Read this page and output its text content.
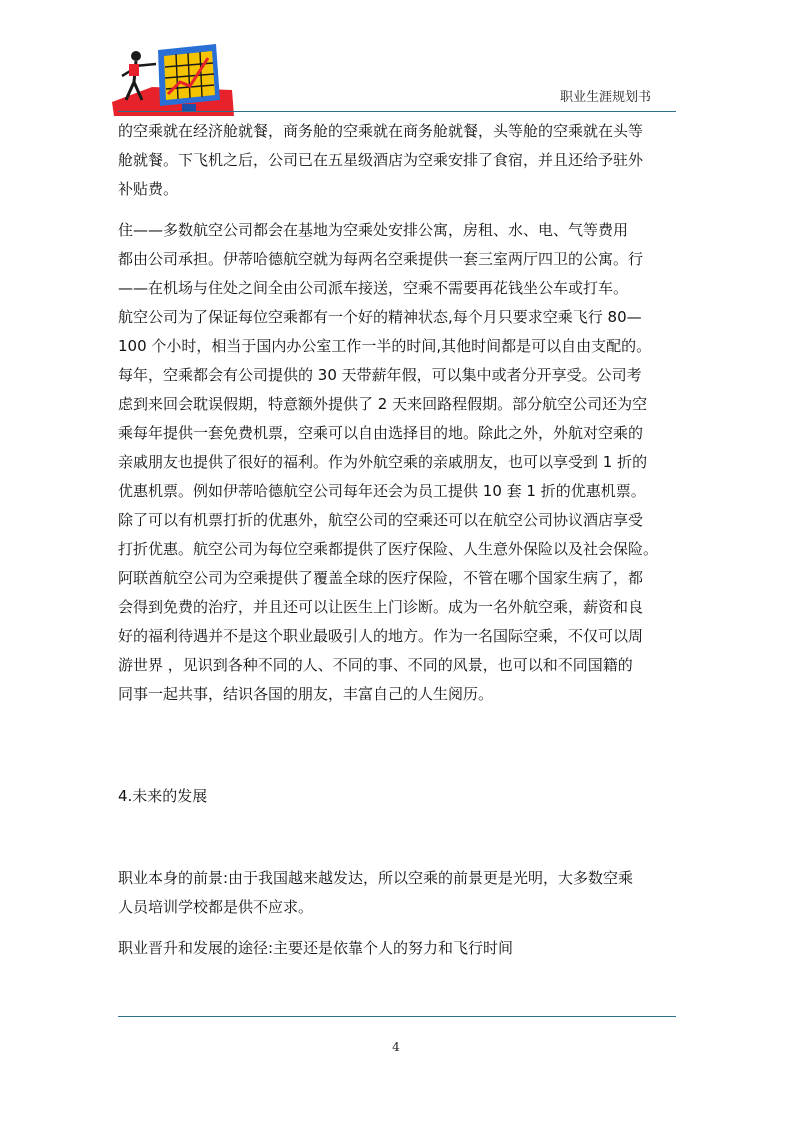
职业生涯规划书
的空乘就在经济舱就餐，商务舱的空乘就在商务舱就餐，头等舱的空乘就在头等
舱就餐。下飞机之后，公司已在五星级酒店为空乘安排了食宿，并且还给予驻外
补贴费。
住——多数航空公司都会在基地为空乘处安排公寓，房租、水、电、气等费用
都由公司承担。伊蒂哈德航空就为每两名空乘提供一套三室两厅四卫的公寓。行
——在机场与住处之间全由公司派车接送，空乘不需要再花钱坐公车或打车。
航空公司为了保证每位空乘都有一个好的精神状态,每个月只要求空乘飞行 80—
100 个小时，相当于国内办公室工作一半的时间,其他时间都是可以自由支配的。
每年，空乘都会有公司提供的 30 天带薪年假，可以集中或者分开享受。公司考
虑到来回会耽误假期，特意额外提供了 2 天来回路程假期。部分航空公司还为空
乘每年提供一套免费机票，空乘可以自由选择目的地。除此之外，外航对空乘的
亲戚朋友也提供了很好的福利。作为外航空乘的亲戚朋友，也可以享受到 1 折的
优惠机票。例如伊蒂哈德航空公司每年还会为员工提供 10 套 1 折的优惠机票。
除了可以有机票打折的优惠外，航空公司的空乘还可以在航空公司协议酒店享受
打折优惠。航空公司为每位空乘都提供了医疗保险、人生意外保险以及社会保险。
阿联酋航空公司为空乘提供了覆盖全球的医疗保险，不管在哪个国家生病了，都
会得到免费的治疗，并且还可以让医生上门诊断。成为一名外航空乘，薪资和良
好的福利待遇并不是这个职业最吸引人的地方。作为一名国际空乘，不仅可以周
游世界 ，见识到各种不同的人、不同的事、不同的风景，也可以和不同国籍的
同事一起共事，结识各国的朋友，丰富自己的人生阅历。
4.未来的发展
职业本身的前景:由于我国越来越发达，所以空乘的前景更是光明，大多数空乘
人员培训学校都是供不应求。
职业晋升和发展的途径:主要还是依靠个人的努力和飞行时间
4
